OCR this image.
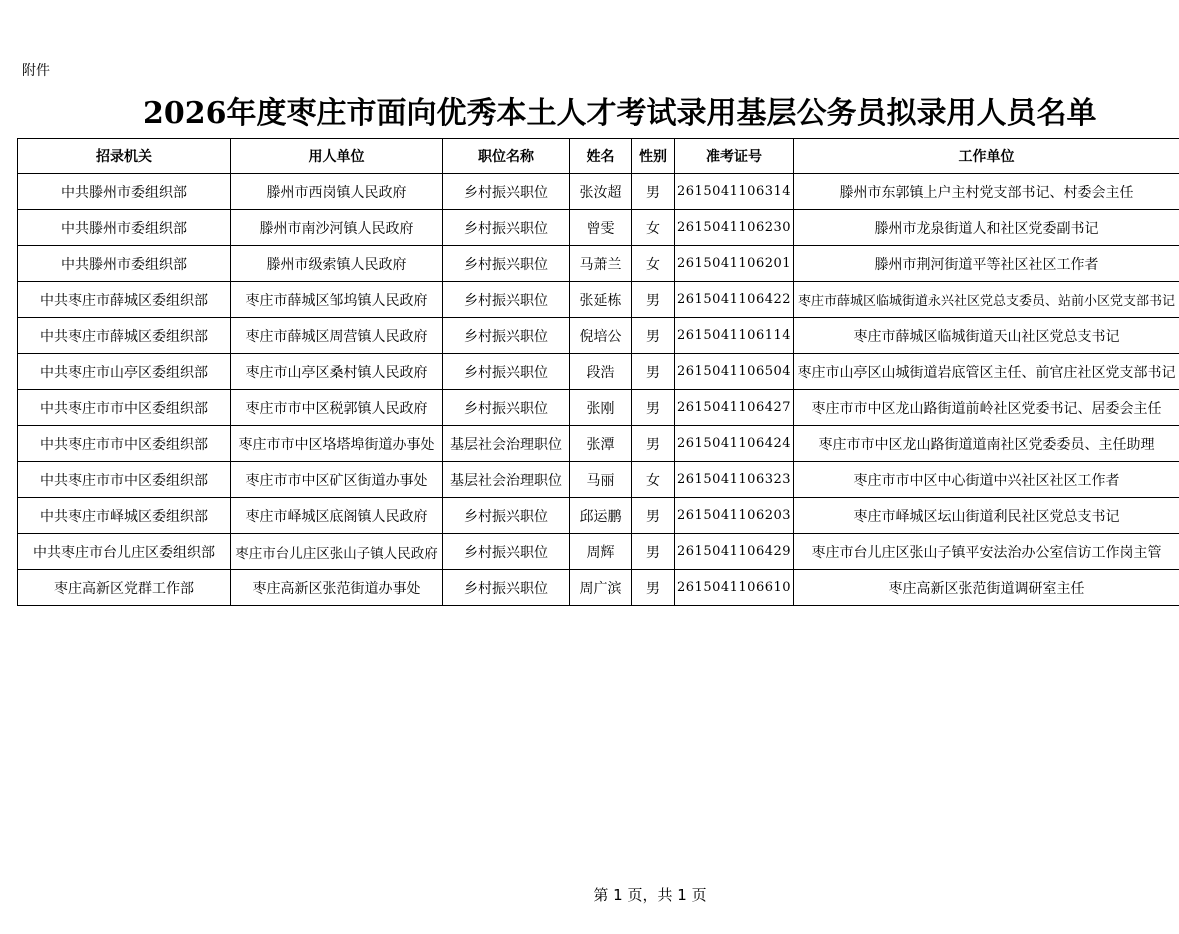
附件
2026年度枣庄市面向优秀本土人才考试录用基层公务员拟录用人员名单
招录机关	用人单位	职位名称	姓名	性别	准考证号	工作单位
中共滕州市委组织部	滕州市西岗镇人民政府	乡村振兴职位	张汝超	男	2615041106314	滕州市东郭镇上户主村党支部书记、村委会主任
中共滕州市委组织部	滕州市南沙河镇人民政府	乡村振兴职位	曾雯	女	2615041106230	滕州市龙泉街道人和社区党委副书记
中共滕州市委组织部	滕州市级索镇人民政府	乡村振兴职位	马萧兰	女	2615041106201	滕州市荆河街道平等社区社区工作者
中共枣庄市薛城区委组织部	枣庄市薛城区邹坞镇人民政府	乡村振兴职位	张延栋	男	2615041106422	枣庄市薛城区临城街道永兴社区党总支委员、站前小区党支部书记
中共枣庄市薛城区委组织部	枣庄市薛城区周营镇人民政府	乡村振兴职位	倪培公	男	2615041106114	枣庄市薛城区临城街道天山社区党总支书记
中共枣庄市山亭区委组织部	枣庄市山亭区桑村镇人民政府	乡村振兴职位	段浩	男	2615041106504	枣庄市山亭区山城街道岩底管区主任、前官庄社区党支部书记
中共枣庄市市中区委组织部	枣庄市市中区税郭镇人民政府	乡村振兴职位	张刚	男	2615041106427	枣庄市市中区龙山路街道前岭社区党委书记、居委会主任
中共枣庄市市中区委组织部	枣庄市市中区垎塔埠街道办事处	基层社会治理职位	张潭	男	2615041106424	枣庄市市中区龙山路街道道南社区党委委员、主任助理
中共枣庄市市中区委组织部	枣庄市市中区矿区街道办事处	基层社会治理职位	马丽	女	2615041106323	枣庄市市中区中心街道中兴社区社区工作者
中共枣庄市峄城区委组织部	枣庄市峄城区底阁镇人民政府	乡村振兴职位	邱运鹏	男	2615041106203	枣庄市峄城区坛山街道利民社区党总支书记
中共枣庄市台儿庄区委组织部	枣庄市台儿庄区张山子镇人民政府	乡村振兴职位	周辉	男	2615041106429	枣庄市台儿庄区张山子镇平安法治办公室信访工作岗主管
枣庄高新区党群工作部	枣庄高新区张范街道办事处	乡村振兴职位	周广滨	男	2615041106610	枣庄高新区张范街道调研室主任
第 1 页，共 1 页
